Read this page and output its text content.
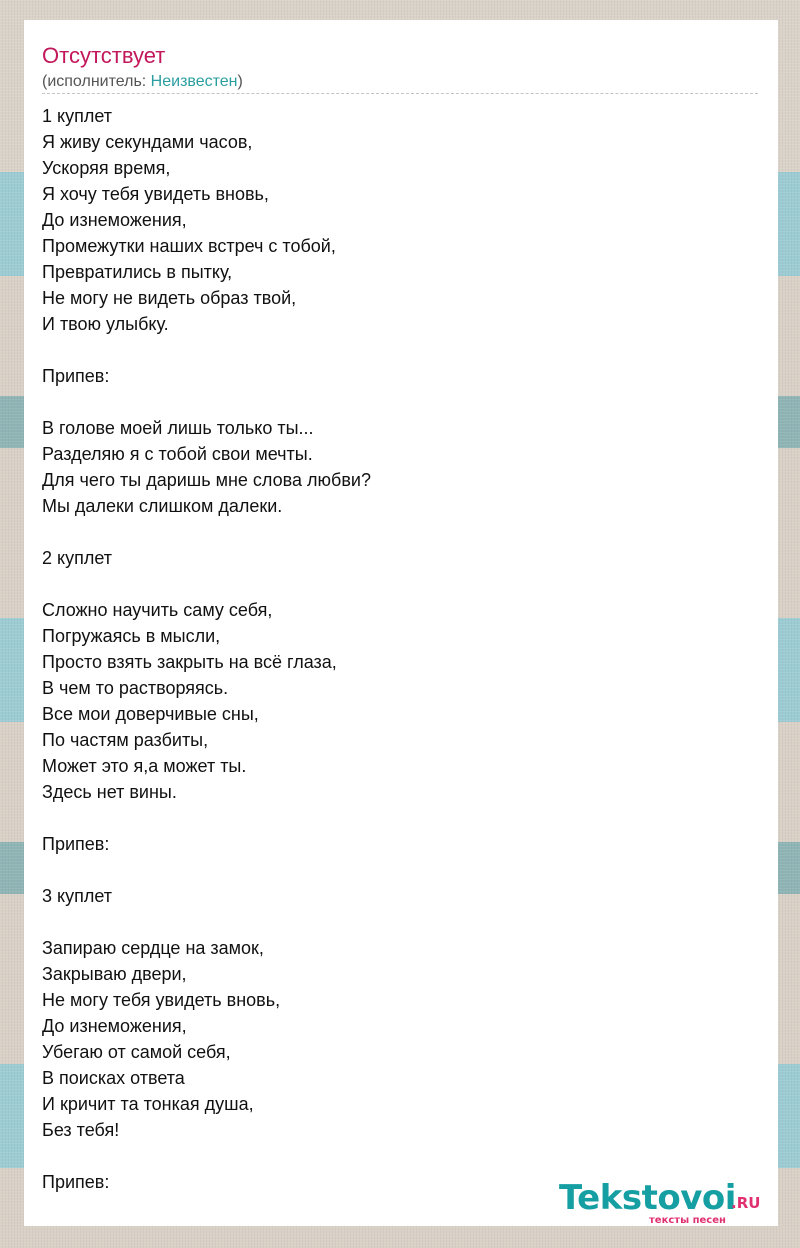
Отсутствует
(исполнитель: Неизвестен)
1 куплет
Я живу секундами часов,
Ускоряя время,
Я хочу тебя увидеть вновь,
До изнеможения,
Промежутки наших встреч с тобой,
Превратились в пытку,
Не могу не видеть образ твой,
И твою улыбку.
Припев:
В голове моей лишь только ты...
Разделяю я с тобой свои мечты.
Для чего ты даришь мне слова любви?
Мы далеки слишком далеки.
2 куплет
Сложно научить саму себя,
Погружаясь в мысли,
Просто взять закрыть на всё глаза,
В чем то растворяясь.
Все мои доверчивые сны,
По частям разбиты,
Может это я,а может ты.
Здесь нет вины.
Припев:
3 куплет
Запираю сердце на замок,
Закрываю двери,
Не могу тебя увидеть вновь,
До изнеможения,
Убегаю от самой себя,
В поисках ответа
И кричит та тонкая душа,
Без тебя!
Припев:	Tekstovoi
.RU
тексты песен
